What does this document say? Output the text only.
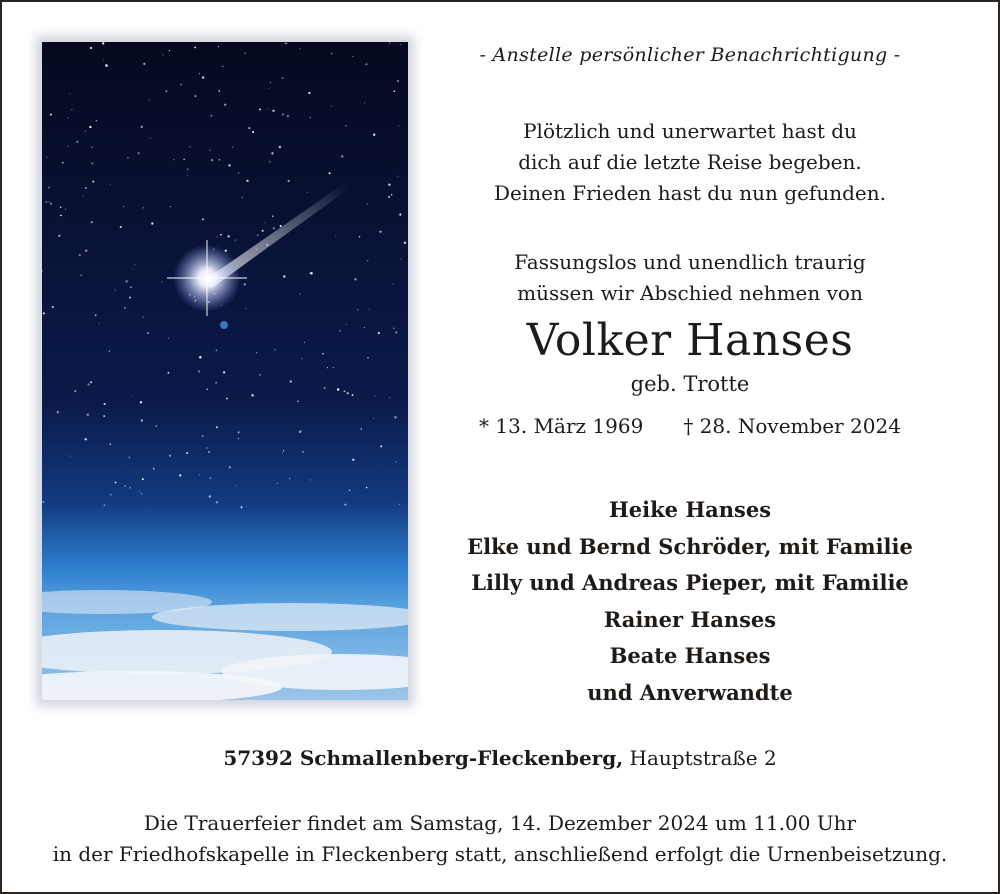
- Anstelle persönlicher Benachrichtigung -
Plötzlich und unerwartet hast du
dich auf die letzte Reise begeben.
Deinen Frieden hast du nun gefunden.
Fassungslos und unendlich traurig
müssen wir Abschied nehmen von
Volker Hanses
geb. Trotte
* 13. März 1969 † 28. November 2024
Heike Hanses
Elke und Bernd Schröder, mit Familie
Lilly und Andreas Pieper, mit Familie
Rainer Hanses
Beate Hanses
und Anverwandte
57392 Schmallenberg-Fleckenberg, Hauptstraße 2
Die Trauerfeier findet am Samstag, 14. Dezember 2024 um 11.00 Uhr
in der Friedhofskapelle in Fleckenberg statt, anschließend erfolgt die Urnenbeisetzung.
